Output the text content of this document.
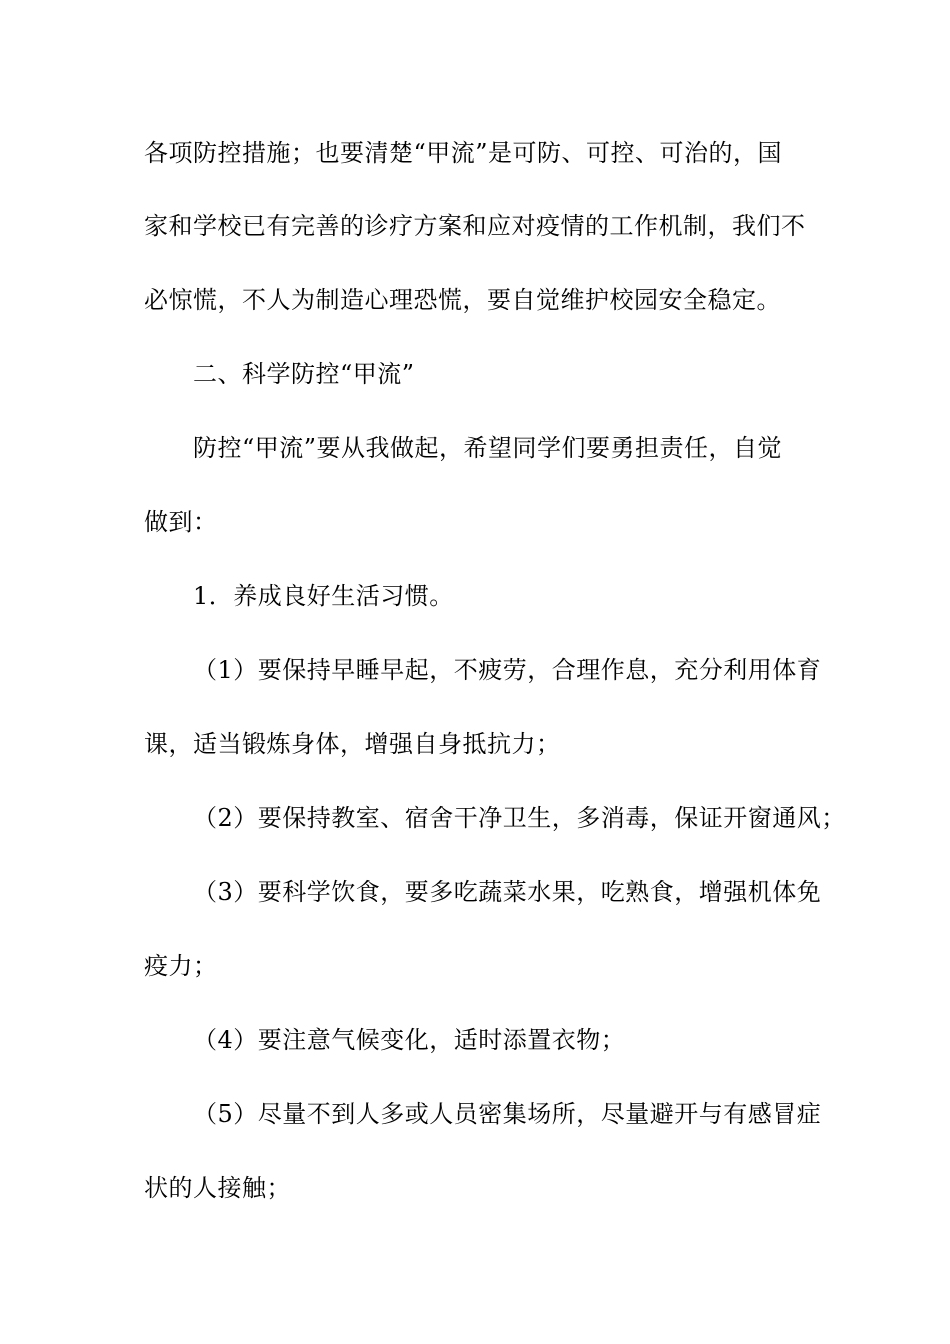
各项防控措施；也要清楚“甲流”是可防、可控、可治的，国
家和学校已有完善的诊疗方案和应对疫情的工作机制，我们不
必惊慌，不人为制造心理恐慌，要自觉维护校园安全稳定。
二、科学防控“甲流”
防控“甲流”要从我做起，希望同学们要勇担责任，自觉
做到：
1．养成良好生活习惯。
（1）要保持早睡早起，不疲劳，合理作息，充分利用体育
课，适当锻炼身体，增强自身抵抗力；
（2）要保持教室、宿舍干净卫生，多消毒，保证开窗通风；
（3）要科学饮食，要多吃蔬菜水果，吃熟食，增强机体免
疫力；
（4）要注意气候变化，适时添置衣物；
（5）尽量不到人多或人员密集场所，尽量避开与有感冒症
状的人接触；
